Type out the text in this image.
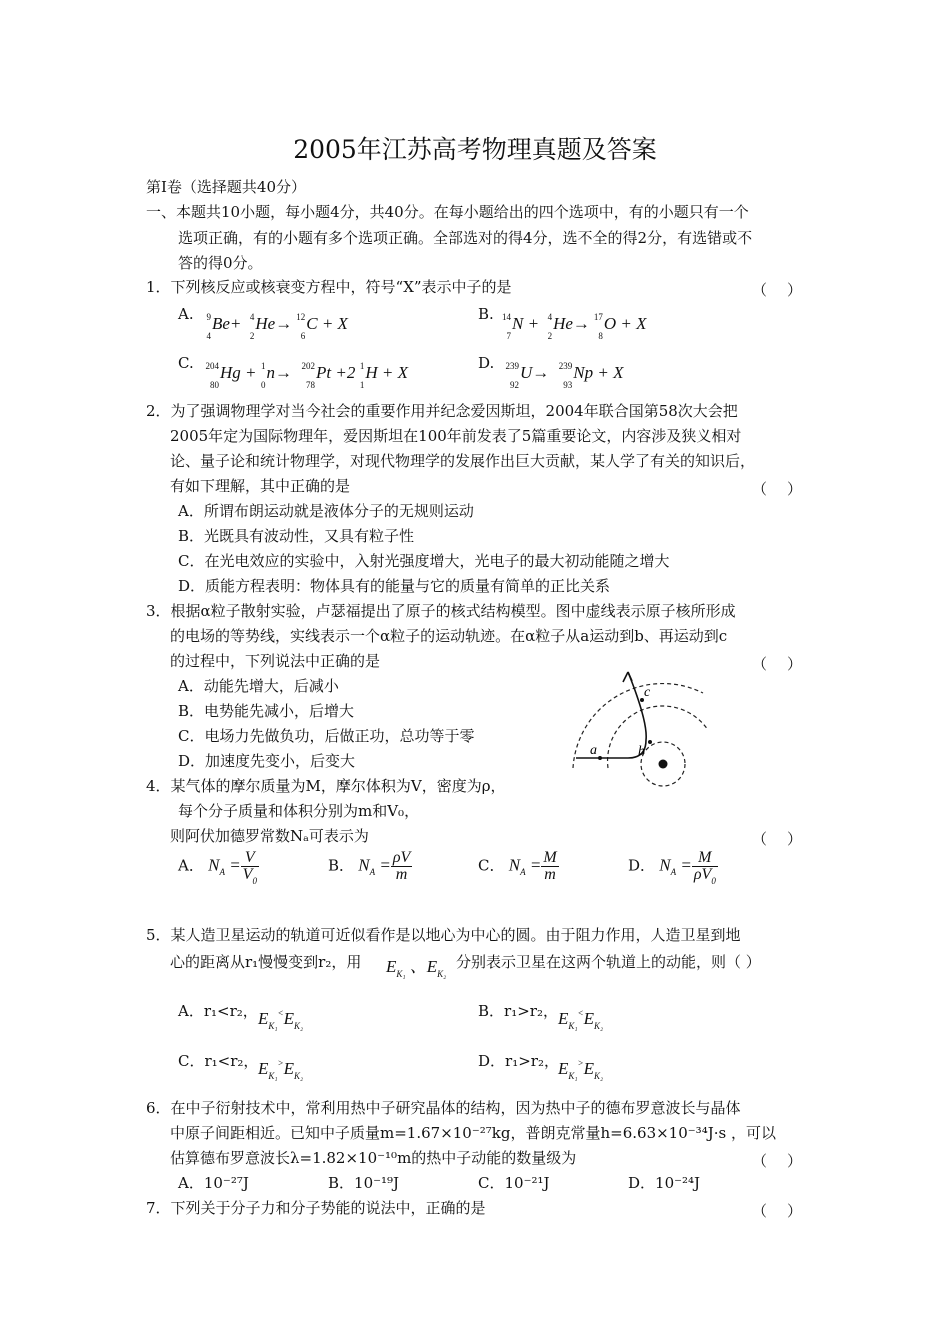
2005年江苏高考物理真题及答案
第Ⅰ卷（选择题共40分）
一、本题共10小题，每小题4分，共40分。在每小题给出的四个选项中，有的小题只有一个
选项正确，有的小题有多个选项正确。全部选对的得4分，选不全的得2分，有选错或不
答的得0分。
1．下列核反应或核衰变方程中，符号“X”表示中子的是	（）
A. 9
4
Be+ 4
2
He→ 12
6
C + X	B. 14
7
N + 4
2
He→ 17
8
O + X
C. 204
80
Hg + 1
0
n→ 202
78
Pt +2 1
1
H + X	D. 239
92
U→ 239
93
Np + X
2．为了强调物理学对当今社会的重要作用并纪念爱因斯坦，2004年联合国第58次大会把
2005年定为国际物理年，爱因斯坦在100年前发表了5篇重要论文，内容涉及狭义相对
论、量子论和统计物理学，对现代物理学的发展作出巨大贡献，某人学了有关的知识后，
有如下理解，其中正确的是	（）
A．所谓布朗运动就是液体分子的无规则运动
B．光既具有波动性，又具有粒子性
C．在光电效应的实验中，入射光强度增大，光电子的最大初动能随之增大
D．质能方程表明：物体具有的能量与它的质量有简单的正比关系
3．根据α粒子散射实验，卢瑟福提出了原子的核式结构模型。图中虚线表示原子核所形成
的电场的等势线，实线表示一个α粒子的运动轨迹。在α粒子从a运动到b、再运动到c
的过程中，下列说法中正确的是	（）
A．动能先增大，后减小
B．电势能先减小，后增大
C．电场力先做负功，后做正功，总功等于零
D．加速度先变小，后变大
a	b
c
4．某气体的摩尔质量为M，摩尔体积为V，密度为ρ，
每个分子质量和体积分别为m和V₀，
则阿伏加德罗常数Nₐ可表示为	（）
A． $N_A = \frac{V}{V_0}$	B． $N_A = \frac{\rho V}{m}$	C． $N_A = \frac{M}{m}$	D． $N_A = \frac{M}{\rho V_0}$
5．某人造卫星运动的轨道可近似看作是以地心为中心的圆。由于阻力作用，人造卫星到地
心的距离从r₁慢慢变到r₂，用 $E_{K_1}$ 、$E_{K_2}$
分别表示卫星在这两个轨道上的动能，则（ ）
A．r₁<r₂， $E_{K_1}^<E_{K_2}$
B．r₁>r₂， $E_{K_1}^<E_{K_2}$
C．r₁<r₂， $E_{K_1}^>E_{K_2}$
D．r₁>r₂， $E_{K_1}^>E_{K_2}$
6．在中子衍射技术中，常利用热中子研究晶体的结构，因为热中子的德布罗意波长与晶体
中原子间距相近。已知中子质量m=1.67×10⁻²⁷kg，普朗克常量h=6.63×10⁻³⁴J·s ，可以
估算德布罗意波长λ=1.82×10⁻¹⁰m的热中子动能的数量级为	（）
A．10⁻²⁷J	B．10⁻¹⁹J	C．10⁻²¹J	D．10⁻²⁴J
7．下列关于分子力和分子势能的说法中，正确的是	（）
